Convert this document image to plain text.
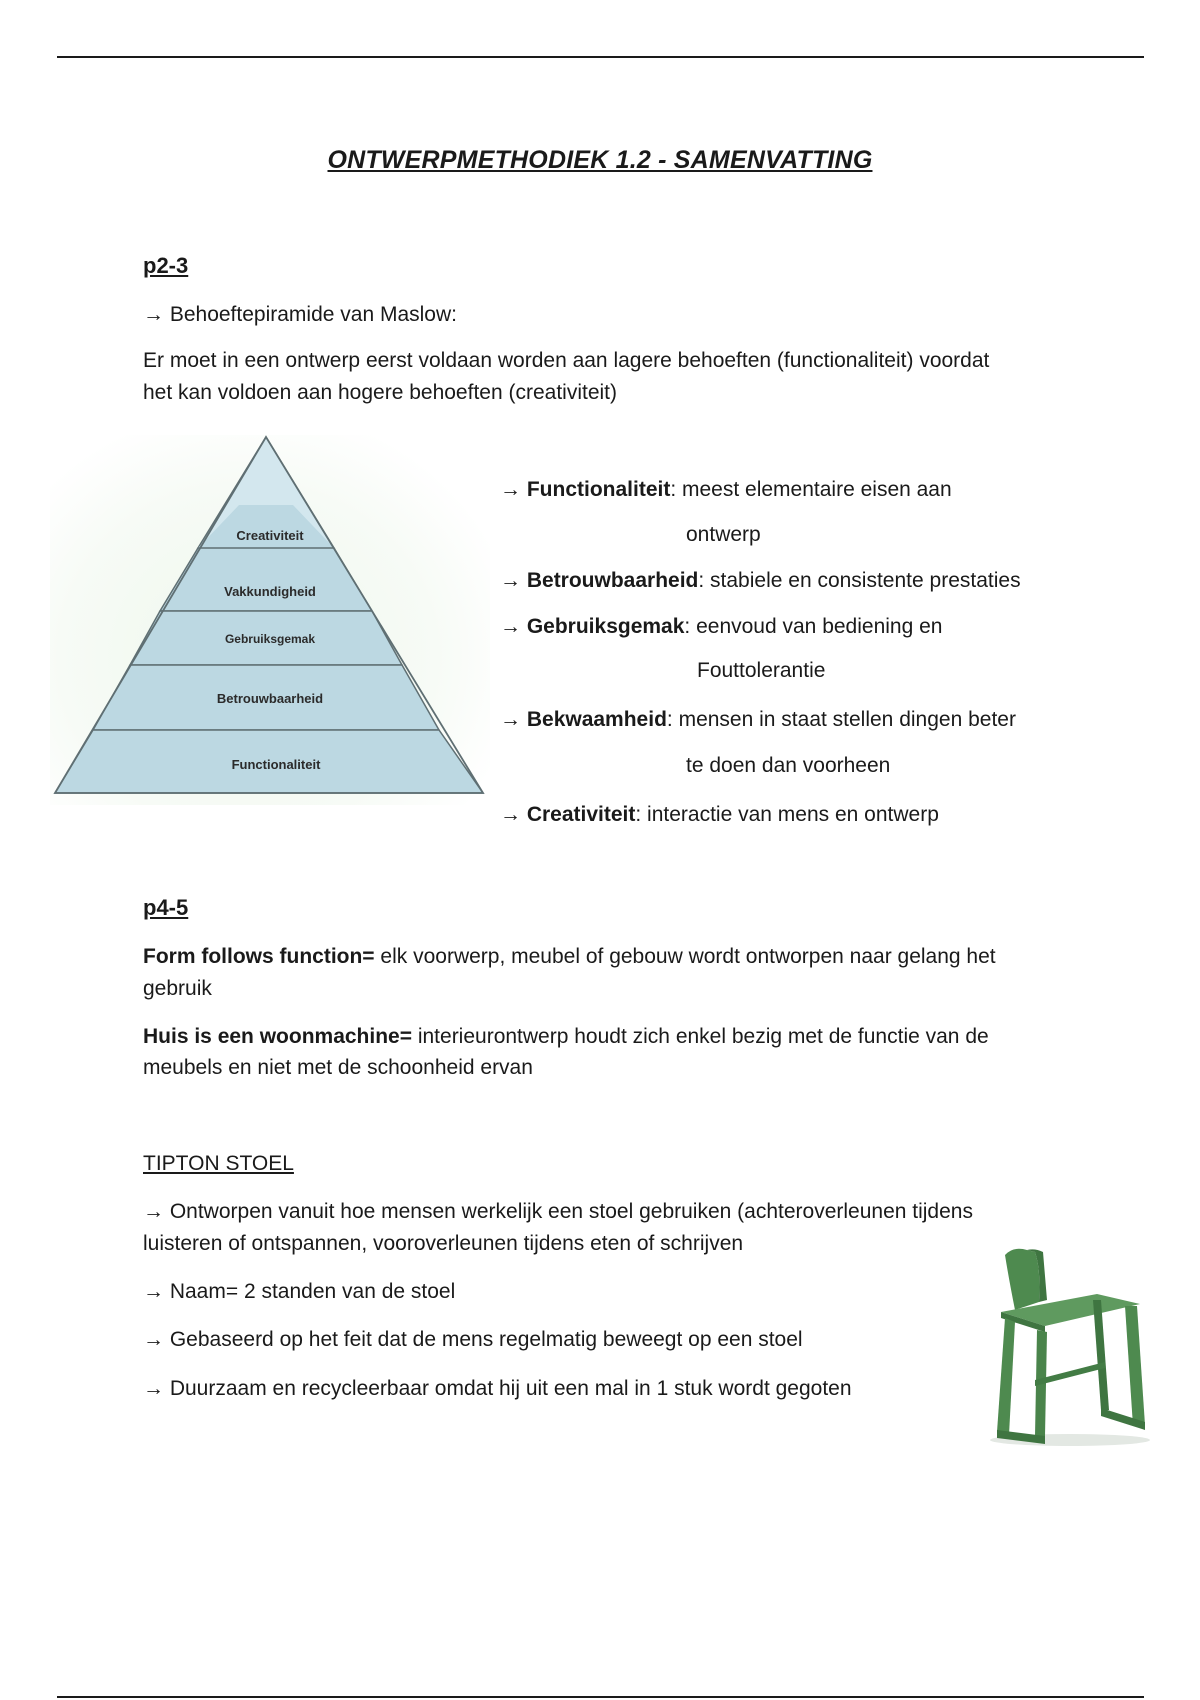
ONTWERPMETHODIEK 1.2 - SAMENVATTING
p2-3
→ Behoeftepiramide van Maslow:
Er moet in een ontwerp eerst voldaan worden aan lagere behoeften (functionaliteit) voordat
het kan voldoen aan hogere behoeften (creativiteit)
Creativiteit
Vakkundigheid
Gebruiksgemak
Betrouwbaarheid
Functionaliteit
→ Functionaliteit: meest elementaire eisen aan
ontwerp
→ Betrouwbaarheid: stabiele en consistente prestaties
→ Gebruiksgemak: eenvoud van bediening en
Fouttolerantie
→ Bekwaamheid: mensen in staat stellen dingen beter
te doen dan voorheen
→ Creativiteit: interactie van mens en ontwerp
p4-5
Form follows function= elk voorwerp, meubel of gebouw wordt ontworpen naar gelang het
gebruik
Huis is een woonmachine= interieurontwerp houdt zich enkel bezig met de functie van de
meubels en niet met de schoonheid ervan
TIPTON STOEL
→ Ontworpen vanuit hoe mensen werkelijk een stoel gebruiken (achteroverleunen tijdens
luisteren of ontspannen, vooroverleunen tijdens eten of schrijven
→ Naam= 2 standen van de stoel
→ Gebaseerd op het feit dat de mens regelmatig beweegt op een stoel
→ Duurzaam en recycleerbaar omdat hij uit een mal in 1 stuk wordt gegoten
